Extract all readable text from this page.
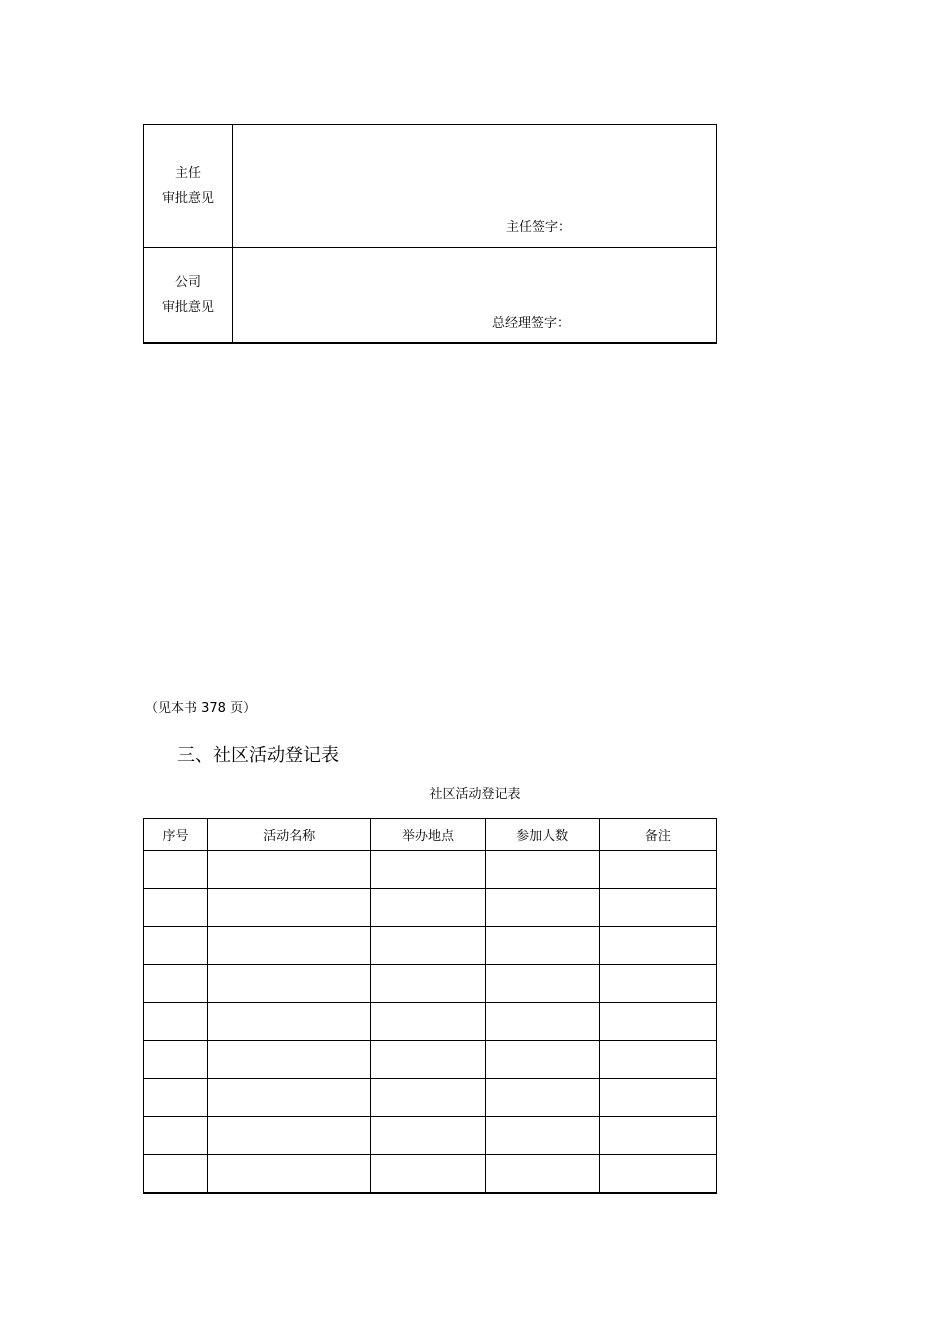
主任
审批意见	主任签字：

公司
审批意见	总经理签字：
（见本书 378 页）
三、社区活动登记表
社区活动登记表
序号	活动名称	举办地点	参加人数	备注
